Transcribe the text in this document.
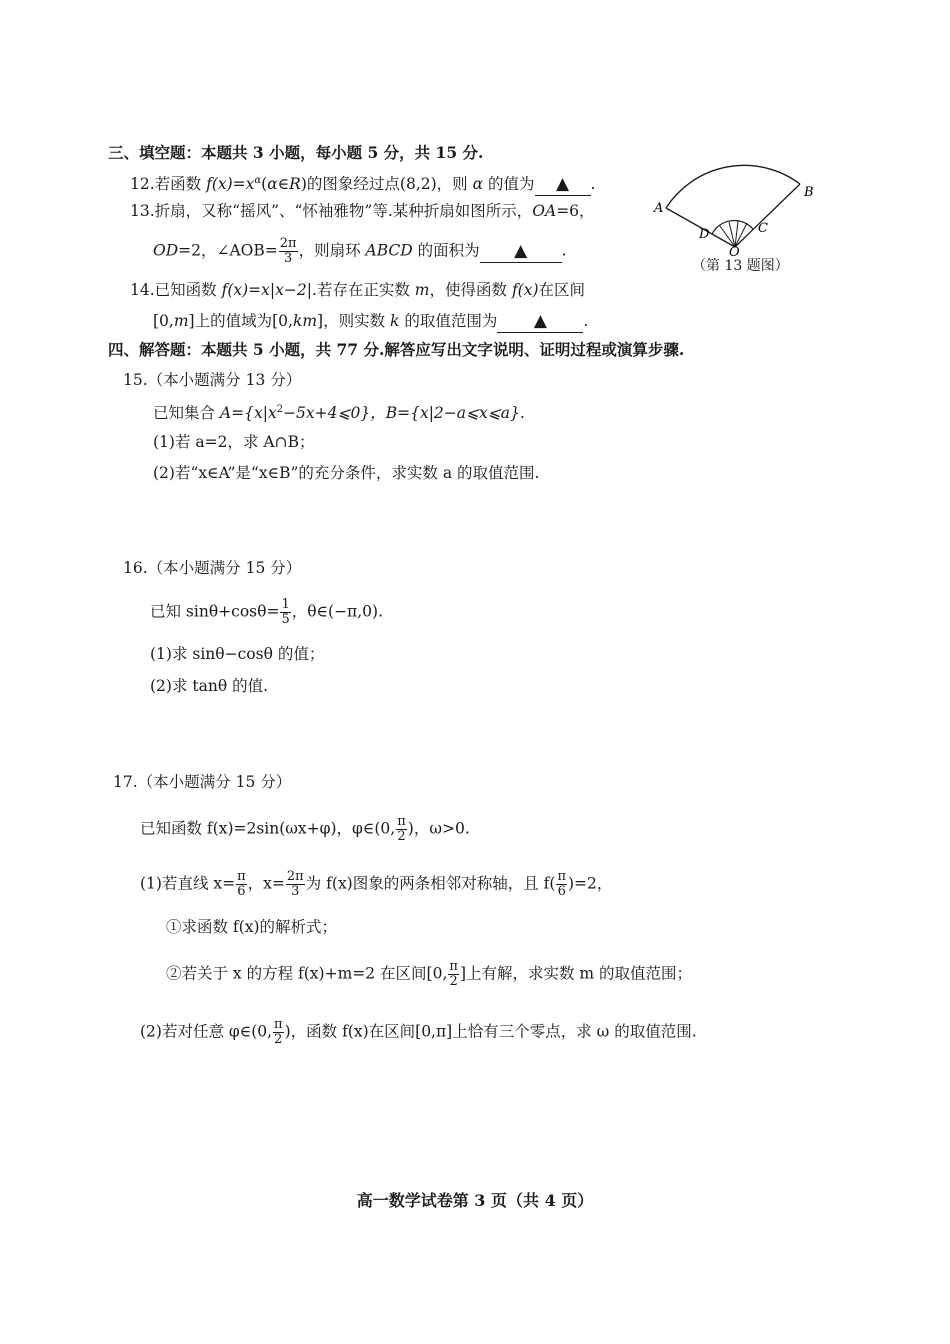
三、填空题：本题共 3 小题，每小题 5 分，共 15 分.
12.若函数 $f(x)=x^\alpha(\alpha\in R)$的图象经过点(8,2)，则 α 的值为 ▲ .
13.折扇，又称“摇风”、“怀袖雅物”等.某种折扇如图所示，OA=6，
OD=2，∠AOB= $\frac{2\pi}{3}$ ，则扇环 ABCD 的面积为 ▲ .
A
B
C
D
O
（第 13 题图）
14.已知函数 f(x)=x|x−2|.若存在正实数 m，使得函数 f(x)在区间
[0,m]上的值域为[0,km]，则实数 k 的取值范围为 ▲ .
四、解答题：本题共 5 小题，共 77 分.解答应写出文字说明、证明过程或演算步骤.
15.（本小题满分 13 分）
已知集合 $A=\{x|x^2-5x+4⩽0\}$，B={x|2−a⩽x⩽a}.
(1)若 a=2，求 A∩B；
(2)若“x∈A”是“x∈B”的充分条件，求实数 a 的取值范围.
16.（本小题满分 15 分）
已知 $\sin\theta+\cos\theta= \frac{1}{5}$ ，θ∈(−π,0).
(1)求 sinθ−cosθ 的值；
(2)求 tanθ 的值.
17.（本小题满分 15 分）
已知函数 f(x)=2sin(ωx+φ)，φ∈(0, $\frac{\pi}{2}$ )，ω>0.
(1)若直线 $x= \frac{\pi}{6}$ ，$x= \frac{2\pi}{3}$ 为 f(x)图象的两条相邻对称轴，且 $f( \frac{\pi}{6} )=2$，
①求函数 f(x)的解析式；
②若关于 x 的方程 f(x)+m=2 在区间[0, $\frac{\pi}{2}$ ]上有解，求实数 m 的取值范围；
(2)若对任意 φ∈(0, $\frac{\pi}{2}$ )，函数 f(x)在区间[0,π]上恰有三个零点，求 ω 的取值范围.
高一数学试卷第 3 页（共 4 页）
